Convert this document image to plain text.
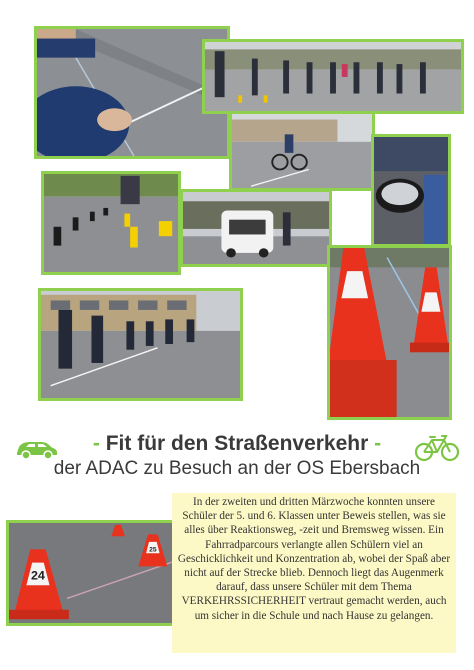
24
25
- Fit für den Straßenverkehr -
der ADAC zu Besuch an der OS Ebersbach
In der zweiten und dritten Märzwoche konnten unsere Schüler der 5. und 6. Klassen unter Beweis stellen, was sie alles über Reaktionsweg, -zeit und Bremsweg wissen. Ein Fahrradparcours verlangte allen Schülern viel an Geschicklichkeit und Konzentration ab, wobei der Spaß aber nicht auf der Strecke blieb. Dennoch liegt das Augenmerk darauf, dass unsere Schüler mit dem Thema VERKEHRSSICHERHEIT vertraut gemacht werden, auch um sicher in die Schule und nach Hause zu gelangen.
